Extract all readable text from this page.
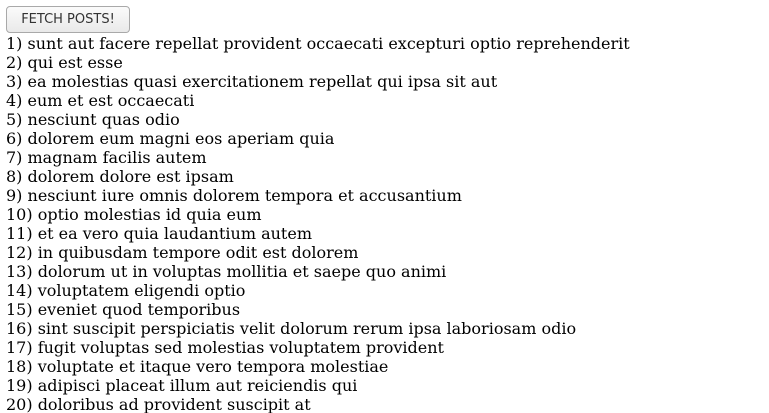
FETCH POSTS!
1) sunt aut facere repellat provident occaecati excepturi optio reprehenderit
2) qui est esse
3) ea molestias quasi exercitationem repellat qui ipsa sit aut
4) eum et est occaecati
5) nesciunt quas odio
6) dolorem eum magni eos aperiam quia
7) magnam facilis autem
8) dolorem dolore est ipsam
9) nesciunt iure omnis dolorem tempora et accusantium
10) optio molestias id quia eum
11) et ea vero quia laudantium autem
12) in quibusdam tempore odit est dolorem
13) dolorum ut in voluptas mollitia et saepe quo animi
14) voluptatem eligendi optio
15) eveniet quod temporibus
16) sint suscipit perspiciatis velit dolorum rerum ipsa laboriosam odio
17) fugit voluptas sed molestias voluptatem provident
18) voluptate et itaque vero tempora molestiae
19) adipisci placeat illum aut reiciendis qui
20) doloribus ad provident suscipit at
